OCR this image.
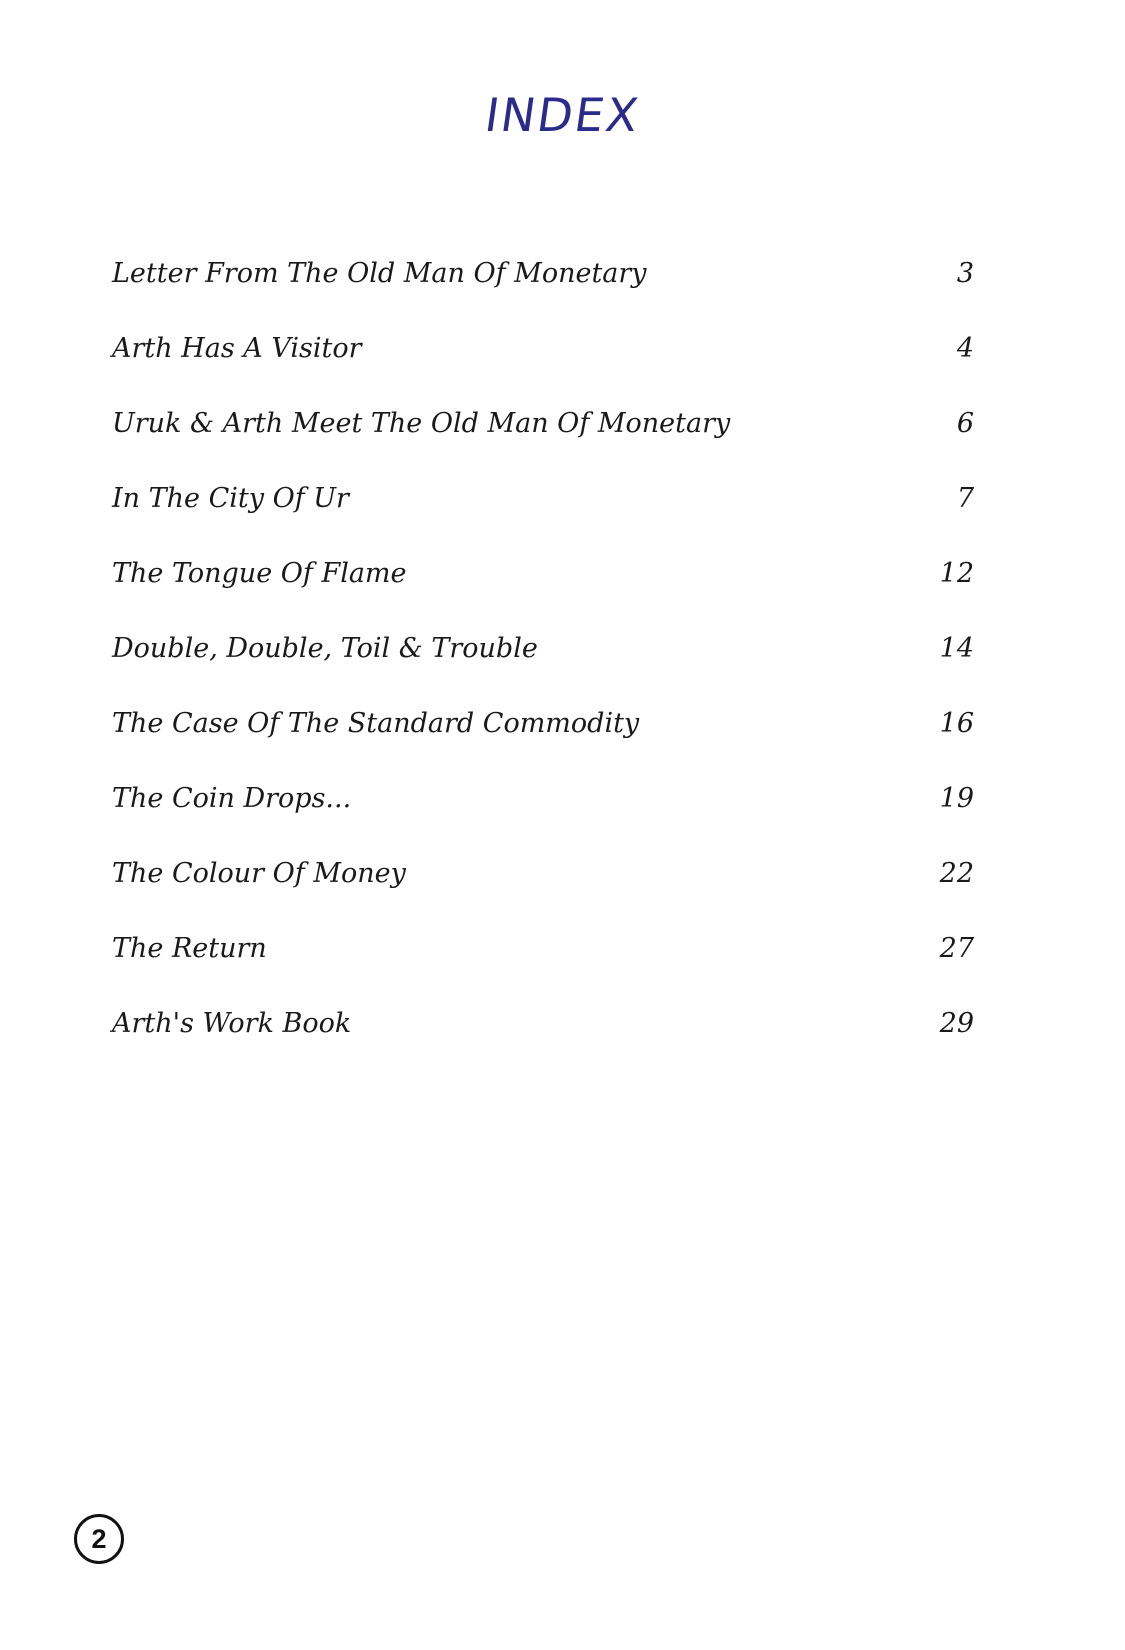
INDEX
Letter From The Old Man Of Monetary	3
Arth Has A Visitor	4
Uruk & Arth Meet The Old Man Of Monetary	6
In The City Of Ur	7
The Tongue Of Flame	12
Double, Double, Toil & Trouble	14
The Case Of The Standard Commodity	16
The Coin Drops...	19
The Colour Of Money	22
The Return	27
Arth's Work Book	29
2
